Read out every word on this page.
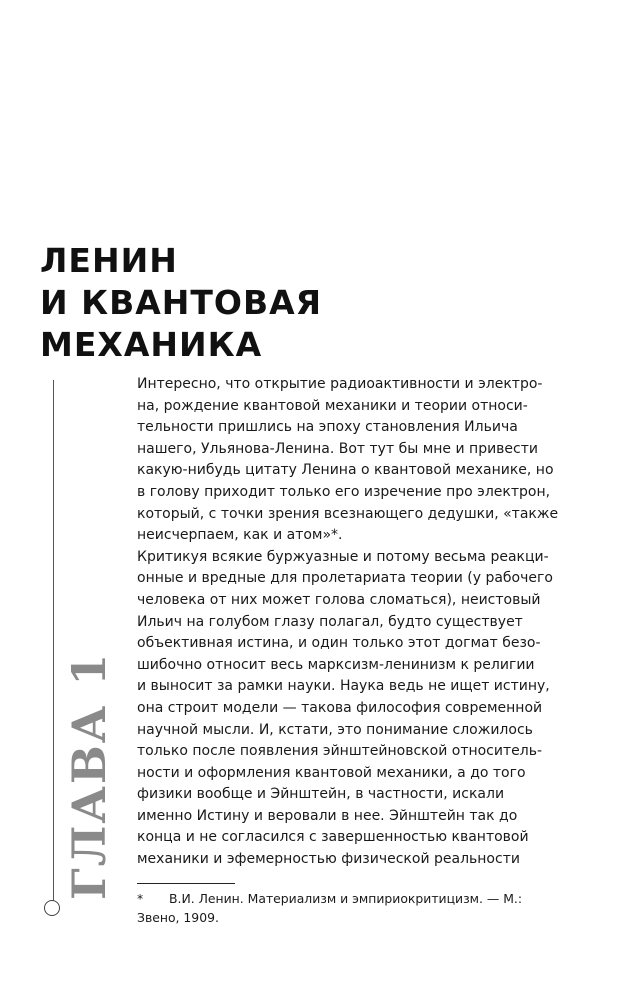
ЛЕНИН
И КВАНТОВАЯ
МЕХАНИКА
ГЛАВА 1
Интересно, что открытие радиоактивности и электро-
на, рождение квантовой механики и теории относи-
тельности пришлись на эпоху становления Ильича
нашего, Ульянова-Ленина. Вот тут бы мне и привести
какую-нибудь цитату Ленина о квантовой механике, но
в голову приходит только его изречение про электрон,
который, с точки зрения всезнающего дедушки, «также
неисчерпаем, как и атом»*.
Критикуя всякие буржуазные и потому весьма реакци-
онные и вредные для пролетариата теории (у рабочего
человека от них может голова сломаться), неистовый
Ильич на голубом глазу полагал, будто существует
объективная истина, и один только этот догмат безо-
шибочно относит весь марксизм-ленинизм к религии
и выносит за рамки науки. Наука ведь не ищет истину,
она строит модели — такова философия современной
научной мысли. И, кстати, это понимание сложилось
только после появления эйнштейновской относитель-
ности и оформления квантовой механики, а до того
физики вообще и Эйнштейн, в частности, искали
именно Истину и веровали в нее. Эйнштейн так до
конца и не согласился с завершенностью квантовой
механики и эфемерностью физической реальности
* В.И. Ленин. Материализм и эмпириокритицизм. — М.:
Звено, 1909.
